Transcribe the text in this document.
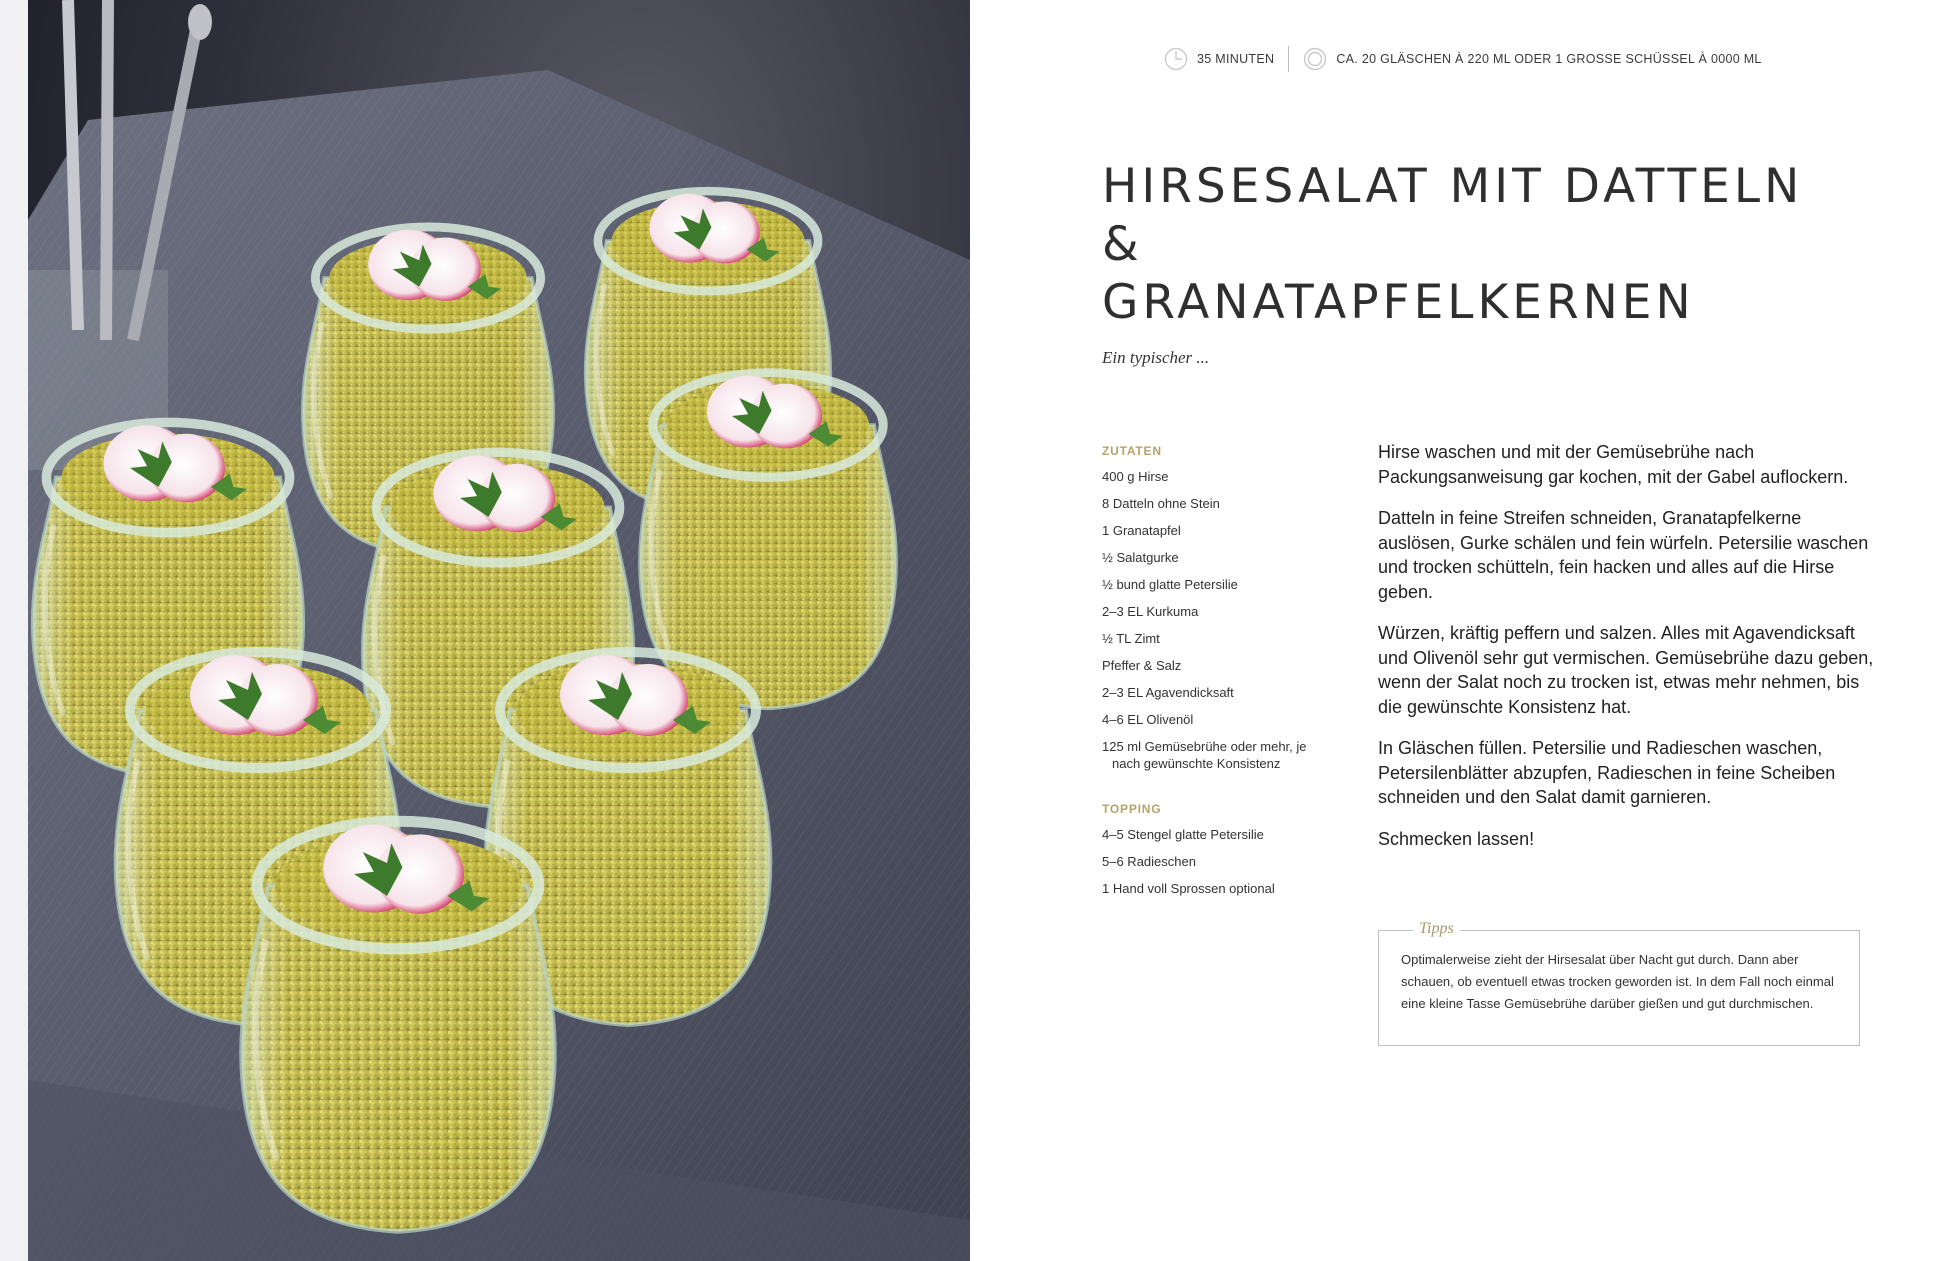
35 MINUTEN	CA. 20 GLÄSCHEN À 220 ML ODER 1 GROSSE SCHÜSSEL À 0000 ML
HIRSESALAT MIT DATTELN &
GRANATAPFELKERNEN
Ein typischer ...
ZUTATEN
400 g Hirse
8 Datteln ohne Stein
1 Granatapfel
½ Salatgurke
½ bund glatte Petersilie
2–3 EL Kurkuma
½ TL Zimt
Pfeffer & Salz
2–3 EL Agavendicksaft
4–6 EL Olivenöl
125 ml Gemüsebrühe oder mehr, je
nach gewünschte Konsistenz
TOPPING
4–5 Stengel glatte Petersilie
5–6 Radieschen
1 Hand voll Sprossen optional

Hirse waschen und mit der Gemüsebrühe nach Packungsanweisung gar kochen, mit der Gabel auflockern.

Datteln in feine Streifen schneiden, Granatapfelkerne auslösen, Gurke schälen und fein würfeln. Petersilie waschen und trocken schütteln, fein hacken und alles auf die Hirse geben.

Würzen, kräftig peffern und salzen. Alles mit Agavendicksaft und Olivenöl sehr gut vermischen. Gemüsebrühe dazu geben, wenn der Salat noch zu trocken ist, etwas mehr nehmen, bis die gewünschte Konsistenz hat.

In Gläschen füllen. Petersilie und Radieschen waschen, Petersilenblätter abzupfen, Radieschen in feine Scheiben schneiden und den Salat damit garnieren.

Schmecken lassen!

Tipps
Optimalerweise zieht der Hirsesalat über Nacht gut durch. Dann aber schauen, ob eventuell etwas trocken geworden ist. In dem Fall noch einmal eine kleine Tasse Gemüsebrühe darüber gießen und gut durchmischen.
